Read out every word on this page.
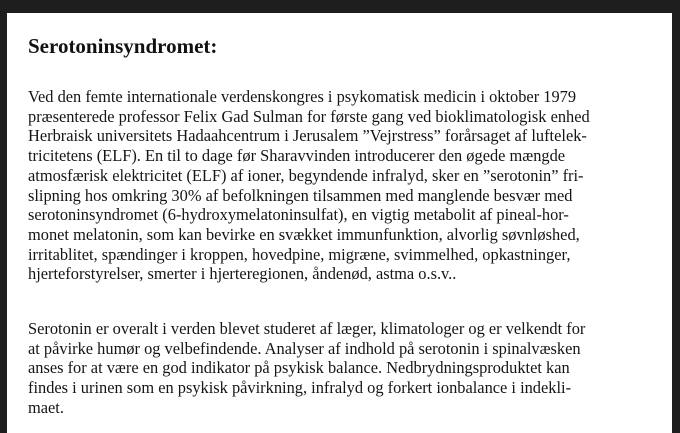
Serotoninsyndromet:

Ved den femte internationale verdenskongres i psykomatisk medicin i oktober 1979
præsenterede professor Felix Gad Sulman for første gang ved bioklimatologisk enhed
Herbraisk universitets Hadaahcentrum i Jerusalem ”Vejrstress” forårsaget af luftelek-
tricitetens (ELF). En til to dage før Sharavvinden introducerer den øgede mængde
atmosfærisk elektricitet (ELF) af ioner, begyndende infralyd, sker en ”serotonin” fri-
slipning hos omkring 30% af befolkningen tilsammen med manglende besvær med
serotoninsyndromet (6-hydroxymelatoninsulfat), en vigtig metabolit af pineal-hor-
monet melatonin, som kan bevirke en svækket immunfunktion, alvorlig søvnløshed,
irritablitet, spændinger i kroppen, hovedpine, migræne, svimmelhed, opkastninger,
hjerteforstyrelser, smerter i hjerteregionen, åndenød, astma o.s.v..

Serotonin er overalt i verden blevet studeret af læger, klimatologer og er velkendt for
at påvirke humør og velbefindende. Analyser af indhold på serotonin i spinalvæsken
anses for at være en god indikator på psykisk balance. Nedbrydningsproduktet kan
findes i urinen som en psykisk påvirkning, infralyd og forkert ionbalance i indekli-
maet.
